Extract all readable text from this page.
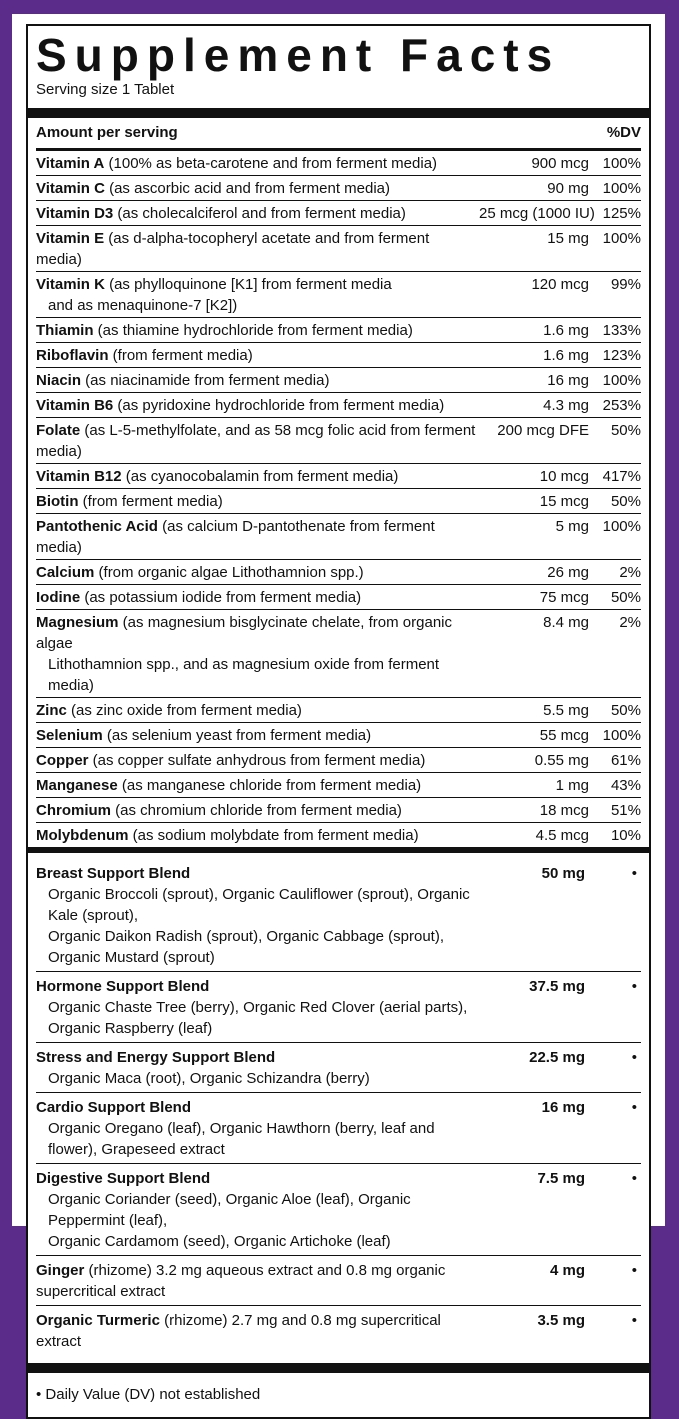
Supplement Facts
Serving size 1 Tablet
Amount per serving	%DV
Vitamin A (100% as beta-carotene and from ferment media)	900 mcg 100%
Vitamin C (as ascorbic acid and from ferment media)	90 mg 100%
Vitamin D3 (as cholecalciferol and from ferment media)	25 mcg (1000 IU) 125%
Vitamin E (as d-alpha-tocopheryl acetate and from ferment media)
15 mg 100%
Vitamin K (as phylloquinone [K1] from ferment media
and as menaquinone-7 [K2])
120 mcg	99%
Thiamin (as thiamine hydrochloride from ferment media)	1.6 mg 133%
Riboflavin (from ferment media)	1.6 mg 123%
Niacin (as niacinamide from ferment media)	16 mg 100%
Vitamin B6 (as pyridoxine hydrochloride from ferment media)	4.3 mg 253%
Folate (as L-5-methylfolate, and as 58 mcg folic acid from ferment media)
200 mcg DFE	50%
Vitamin B12 (as cyanocobalamin from ferment media)	10 mcg 417%
Biotin (from ferment media)	15 mcg	50%
Pantothenic Acid (as calcium D-pantothenate from ferment media)
5 mg 100%
Calcium (from organic algae Lithothamnion spp.)	26 mg	2%
Iodine (as potassium iodide from ferment media)	75 mcg	50%
Magnesium (as magnesium bisglycinate chelate, from organic algae
Lithothamnion spp., and as magnesium oxide from ferment media)
8.4 mg	2%
Zinc (as zinc oxide from ferment media)	5.5 mg	50%
Selenium (as selenium yeast from ferment media)	55 mcg 100%
Copper (as copper sulfate anhydrous from ferment media)	0.55 mg	61%
Manganese (as manganese chloride from ferment media)	1 mg	43%
Chromium (as chromium chloride from ferment media)	18 mcg	51%
Molybdenum (as sodium molybdate from ferment media)	4.5 mcg	10%
Breast Support Blend
Organic Broccoli (sprout), Organic Cauliflower (sprout), Organic Kale (sprout),
Organic Daikon Radish (sprout), Organic Cabbage (sprout), Organic Mustard (sprout)
50 mg	•
Hormone Support Blend
Organic Chaste Tree (berry), Organic Red Clover (aerial parts),
Organic Raspberry (leaf)
37.5 mg	•
Stress and Energy Support Blend
Organic Maca (root), Organic Schizandra (berry)
22.5 mg	•
Cardio Support Blend
Organic Oregano (leaf), Organic Hawthorn (berry, leaf and flower), Grapeseed extract
16 mg	•
Digestive Support Blend
Organic Coriander (seed), Organic Aloe (leaf), Organic Peppermint (leaf),
Organic Cardamom (seed), Organic Artichoke (leaf)
7.5 mg	•
Ginger (rhizome) 3.2 mg aqueous extract and 0.8 mg organic supercritical extract
4 mg	•
Organic Turmeric (rhizome) 2.7 mg and 0.8 mg supercritical extract
3.5 mg	•
• Daily Value (DV) not established
